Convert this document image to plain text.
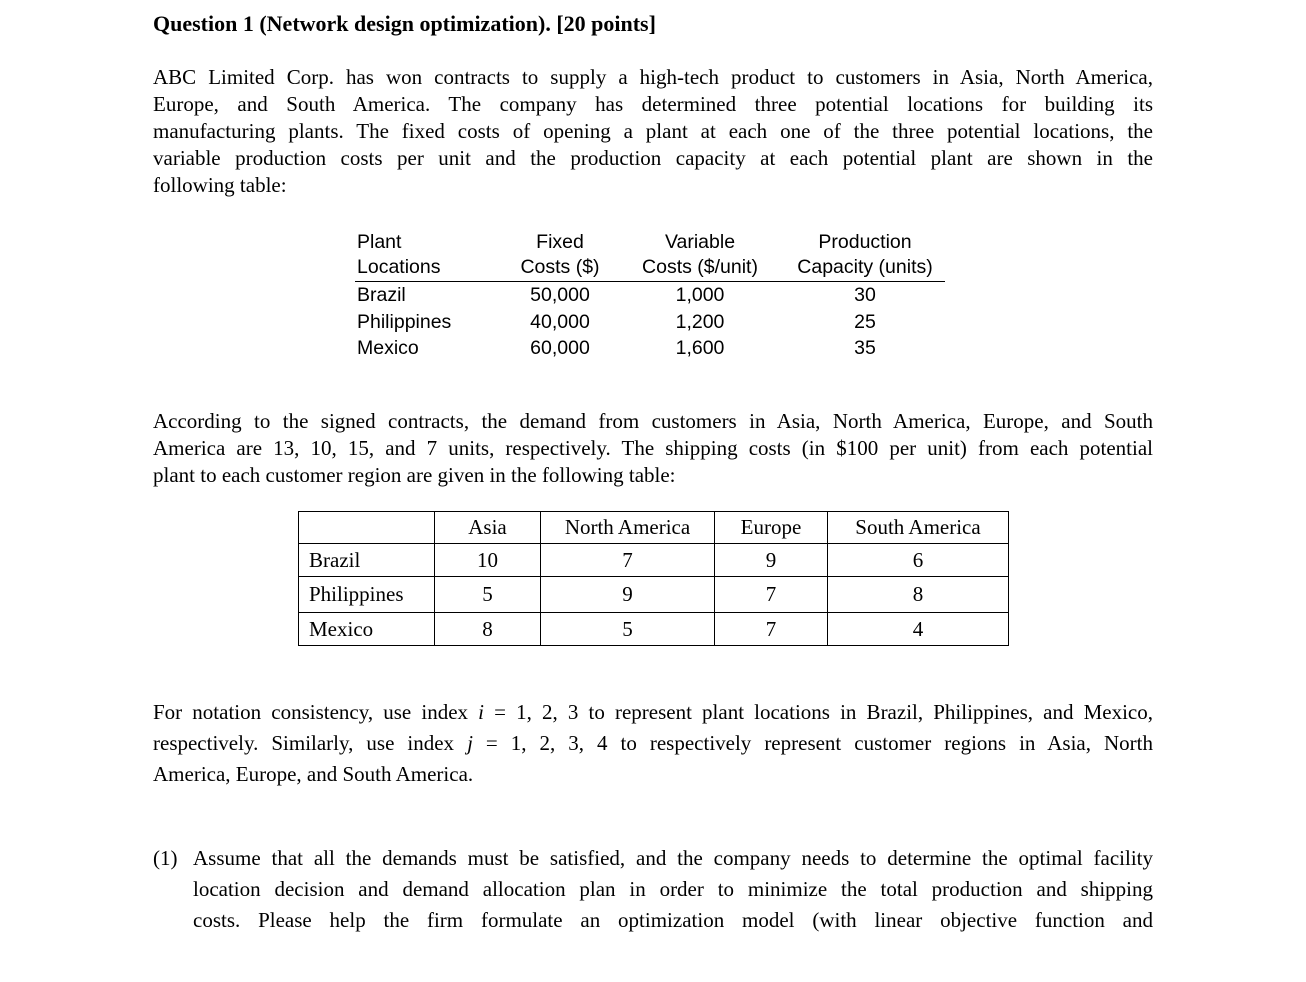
Question 1 (Network design optimization). [20 points]
ABC Limited Corp. has won contracts to supply a high-tech product to customers in Asia, North America,
Europe, and South America. The company has determined three potential locations for building its
manufacturing plants. The fixed costs of opening a plant at each one of the three potential locations, the
variable production costs per unit and the production capacity at each potential plant are shown in the
following table:
Plant	Fixed	Variable	Production
Locations	Costs ($)	Costs ($/unit)	Capacity (units)
Brazil	50,000	1,000	30
Philippines	40,000	1,200	25
Mexico	60,000	1,600	35
According to the signed contracts, the demand from customers in Asia, North America, Europe, and South
America are 13, 10, 15, and 7 units, respectively. The shipping costs (in $100 per unit) from each potential
plant to each customer region are given in the following table:
	Asia	North America	Europe	South America
Brazil	10	7	9	6
Philippines	5	9	7	8
Mexico	8	5	7	4
For notation consistency, use index i = 1, 2, 3 to represent plant locations in Brazil, Philippines, and Mexico,
respectively. Similarly, use index j = 1, 2, 3, 4 to respectively represent customer regions in Asia, North
America, Europe, and South America.
(1) Assume that all the demands must be satisfied, and the company needs to determine the optimal facility
location decision and demand allocation plan in order to minimize the total production and shipping
costs. Please help the firm formulate an optimization model (with linear objective function and
